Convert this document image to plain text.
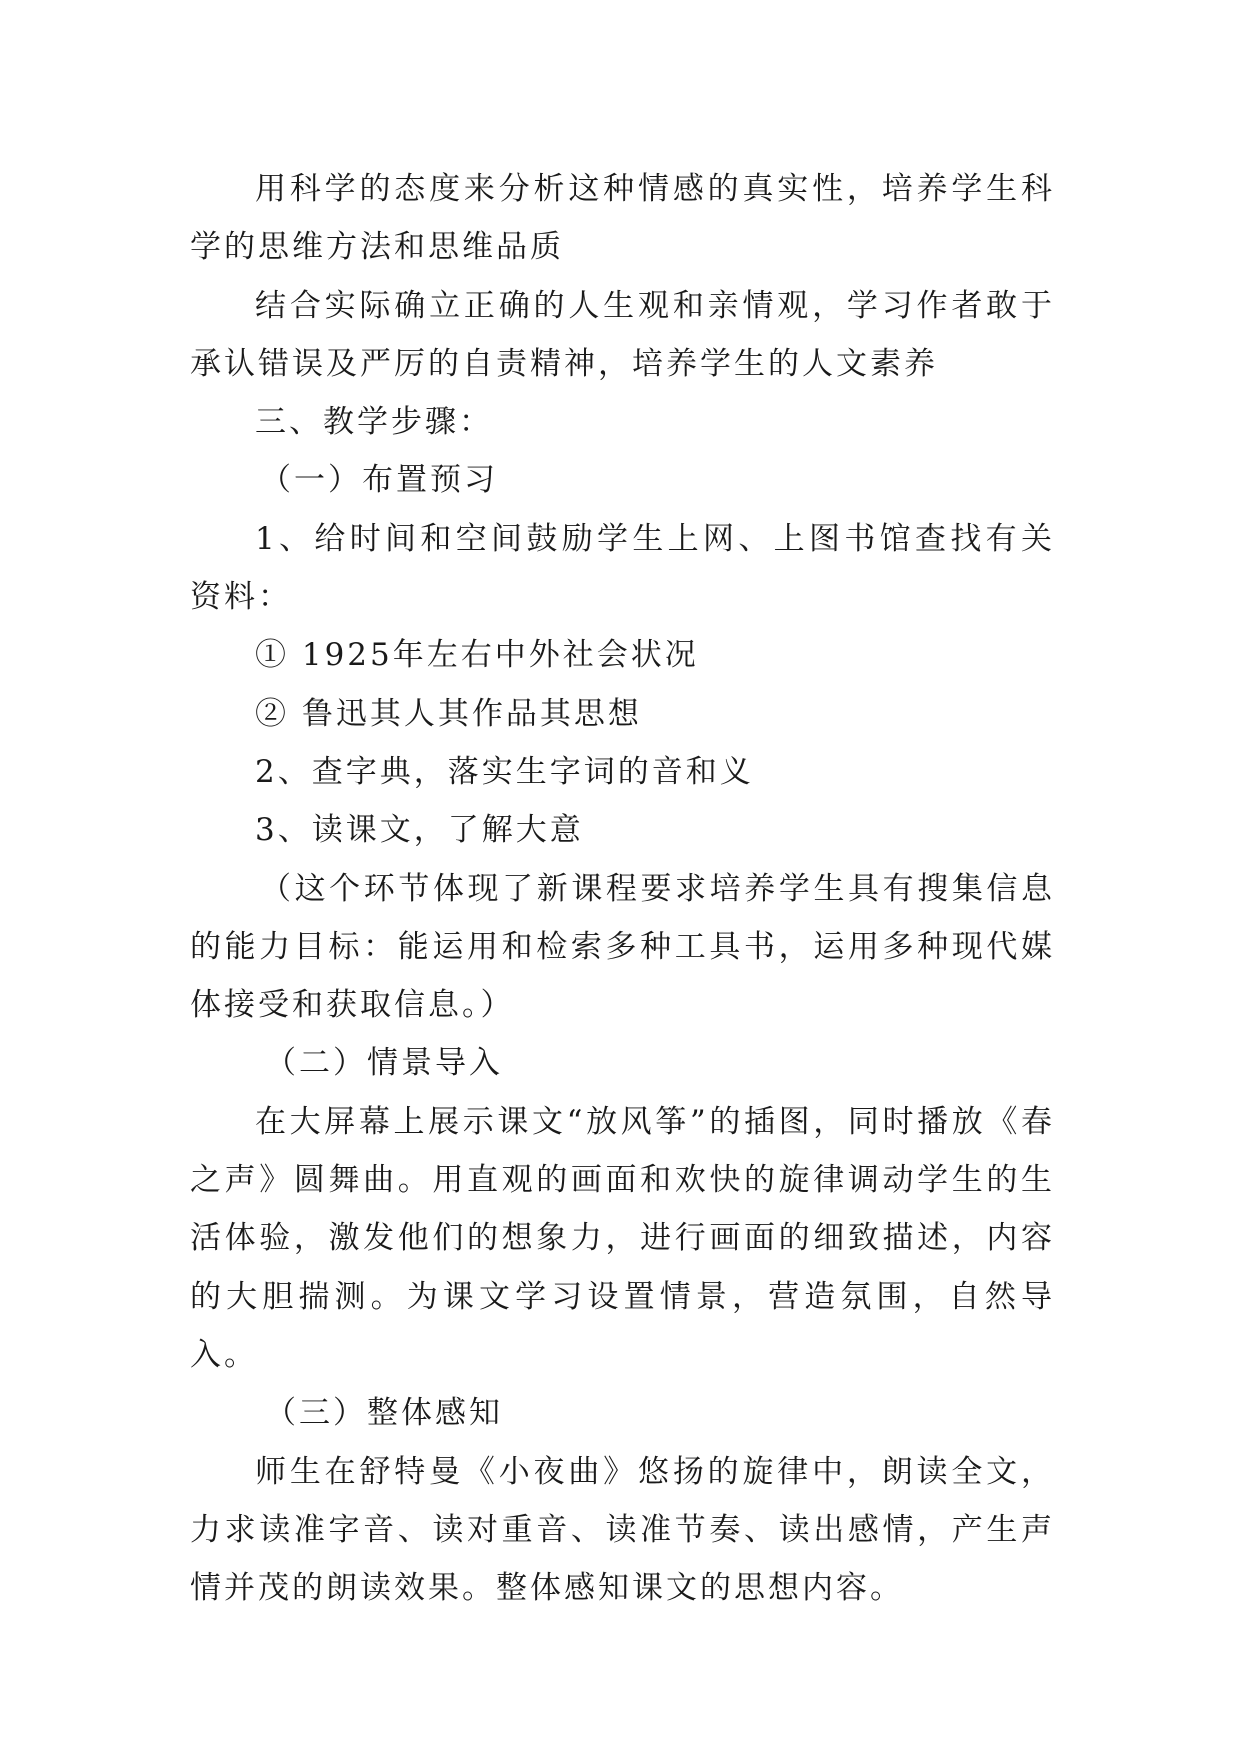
用科学的态度来分析这种情感的真实性，培养学生科学的思维方法和思维品质

结合实际确立正确的人生观和亲情观，学习作者敢于承认错误及严厉的自责精神，培养学生的人文素养

三、教学步骤：

（一）布置预习

1、给时间和空间鼓励学生上网、上图书馆查找有关资料：

① 1925年左右中外社会状况

② 鲁迅其人其作品其思想

2、查字典，落实生字词的音和义

3、读课文，了解大意

（这个环节体现了新课程要求培养学生具有搜集信息的能力目标：能运用和检索多种工具书，运用多种现代媒体接受和获取信息。）

（二）情景导入

在大屏幕上展示课文“放风筝”的插图，同时播放《春之声》圆舞曲。用直观的画面和欢快的旋律调动学生的生活体验，激发他们的想象力，进行画面的细致描述，内容的大胆揣测。为课文学习设置情景，营造氛围，自然导入。

（三）整体感知

师生在舒特曼《小夜曲》悠扬的旋律中，朗读全文，力求读准字音、读对重音、读准节奏、读出感情，产生声情并茂的朗读效果。整体感知课文的思想内容。
